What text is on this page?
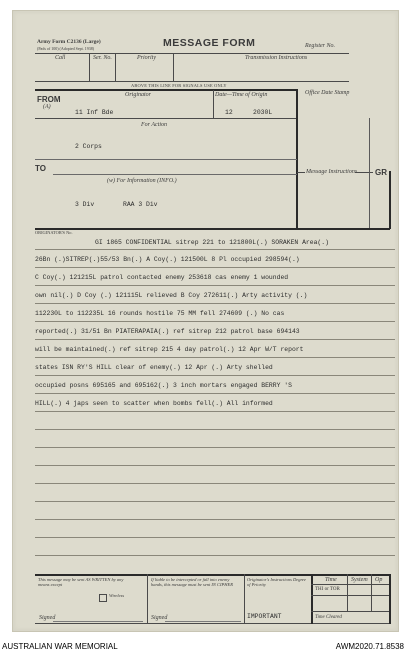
Army Form C2136 (Large)
(Pads of 100) (Adopted Sept. 1938)	MESSAGE FORM	Register No.
Call	Ser. No.	Priority	Transmission Instructions
ABOVE THIS LINE FOR SIGNALS USE ONLY
FROM
(A)
Originator
11 Inf Bde
Date—Time of Origin
12	2030L
Office Date Stamp
For Action
2 Corps
TO
(w) For Information (INFO.)
Message Instructions GR
3 Div	RAA 3 Div
ORIGINATOR'S No.
GI 1865 CONFIDENTIAL sitrep 221 to 121800L(.) SORAKEN Area(.)
26Bn (.)SITREP(.)55/53 Bn(.) A Coy(.) 121500L 8 Pl occupied 298594(.)
C Coy(.) 121215L patrol contacted enemy 253618 cas enemy 1 wounded
own nil(.) D Coy (.) 121115L relieved B Coy 272611(.) Arty activity (.)
112230L to 112235L 16 rounds hostile 75 MM fell 274609 (.) No cas
reported(.) 31/51 Bn PIATERAPAIA(.) ref sitrep 212 patrol base 694143
will be maintained(.) ref sitrep 215 4 day patrol(.) 12 Apr W/T report
states ISN RY'S HILL clear of enemy(.) 12 Apr (.) Arty shelled
occupied posns 695165 and 695162(.) 3 inch mortars engaged BERRY 'S
HILL(.) 4 japs seen to scatter when bombs fell(.) All informed
This message may be sent AS WRITTEN by any means except
Wireless
Signed
If liable to be intercepted or fall into enemy hands, this message must be sent IN CIPHER
Signed
Originator's Instructions Degree of Priority
IMPORTANT
Time System Op
THI or TOR
Time Cleared
AUSTRALIAN WAR MEMORIAL	AWM2020.71.8538
